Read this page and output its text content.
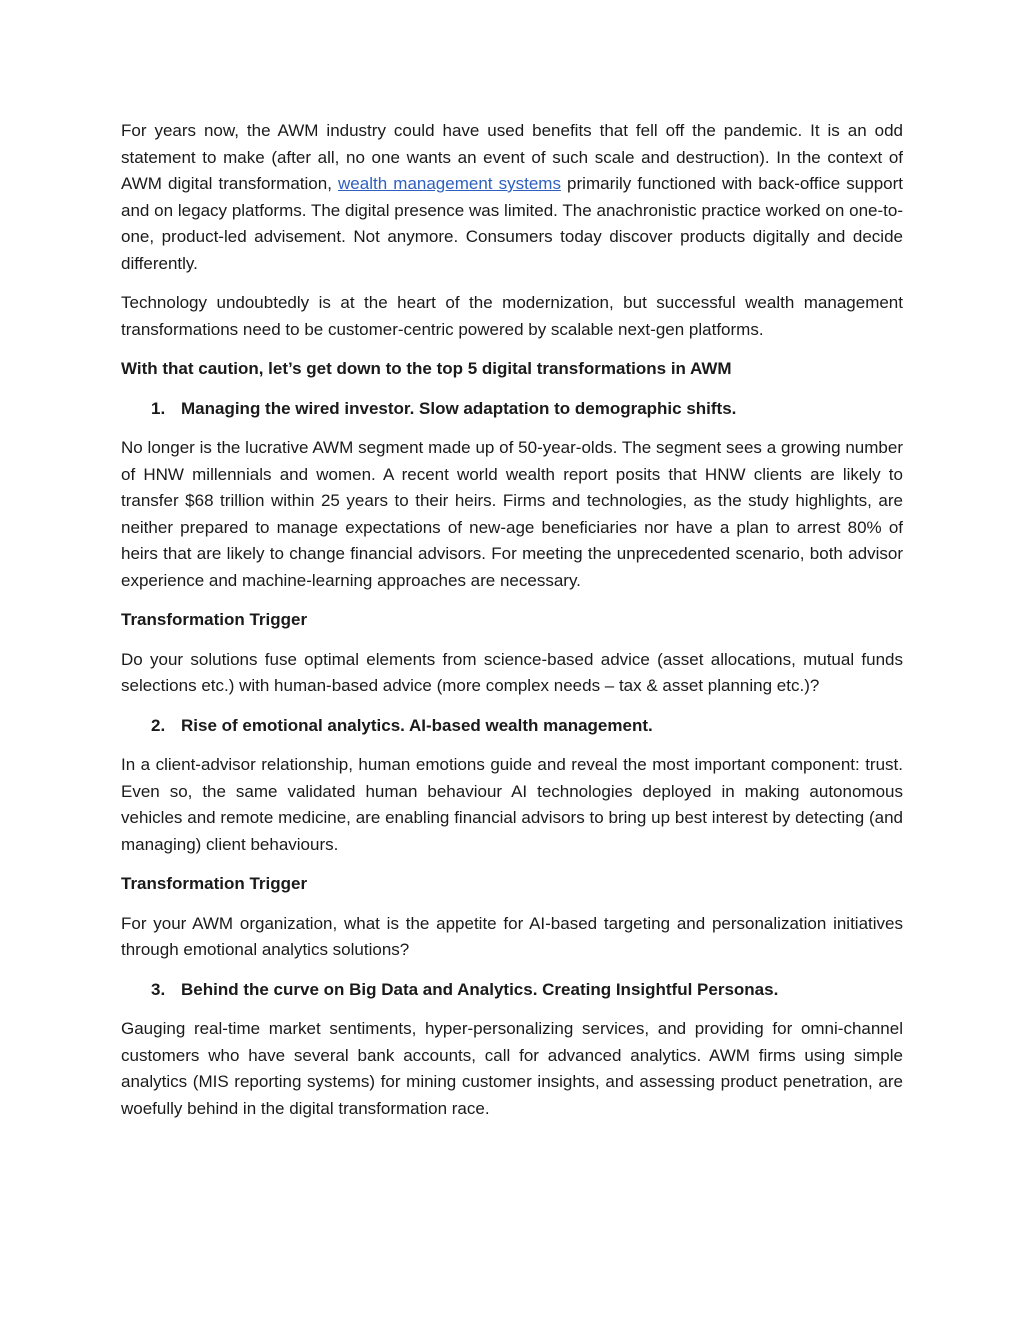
For years now, the AWM industry could have used benefits that fell off the pandemic. It is an odd statement to make (after all, no one wants an event of such scale and destruction). In the context of AWM digital transformation, wealth management systems primarily functioned with back-office support and on legacy platforms. The digital presence was limited. The anachronistic practice worked on one-to-one, product-led advisement. Not anymore. Consumers today discover products digitally and decide differently.

Technology undoubtedly is at the heart of the modernization, but successful wealth management transformations need to be customer-centric powered by scalable next-gen platforms.

With that caution, let’s get down to the top 5 digital transformations in AWM

1. Managing the wired investor. Slow adaptation to demographic shifts.

No longer is the lucrative AWM segment made up of 50-year-olds. The segment sees a growing number of HNW millennials and women. A recent world wealth report posits that HNW clients are likely to transfer $68 trillion within 25 years to their heirs. Firms and technologies, as the study highlights, are neither prepared to manage expectations of new-age beneficiaries nor have a plan to arrest 80% of heirs that are likely to change financial advisors. For meeting the unprecedented scenario, both advisor experience and machine-learning approaches are necessary.

Transformation Trigger

Do your solutions fuse optimal elements from science-based advice (asset allocations, mutual funds selections etc.) with human-based advice (more complex needs – tax & asset planning etc.)?

2. Rise of emotional analytics. AI-based wealth management.

In a client-advisor relationship, human emotions guide and reveal the most important component: trust. Even so, the same validated human behaviour AI technologies deployed in making autonomous vehicles and remote medicine, are enabling financial advisors to bring up best interest by detecting (and managing) client behaviours.

Transformation Trigger

For your AWM organization, what is the appetite for AI-based targeting and personalization initiatives through emotional analytics solutions?

3. Behind the curve on Big Data and Analytics. Creating Insightful Personas.

Gauging real-time market sentiments, hyper-personalizing services, and providing for omni-channel customers who have several bank accounts, call for advanced analytics. AWM firms using simple analytics (MIS reporting systems) for mining customer insights, and assessing product penetration, are woefully behind in the digital transformation race.
